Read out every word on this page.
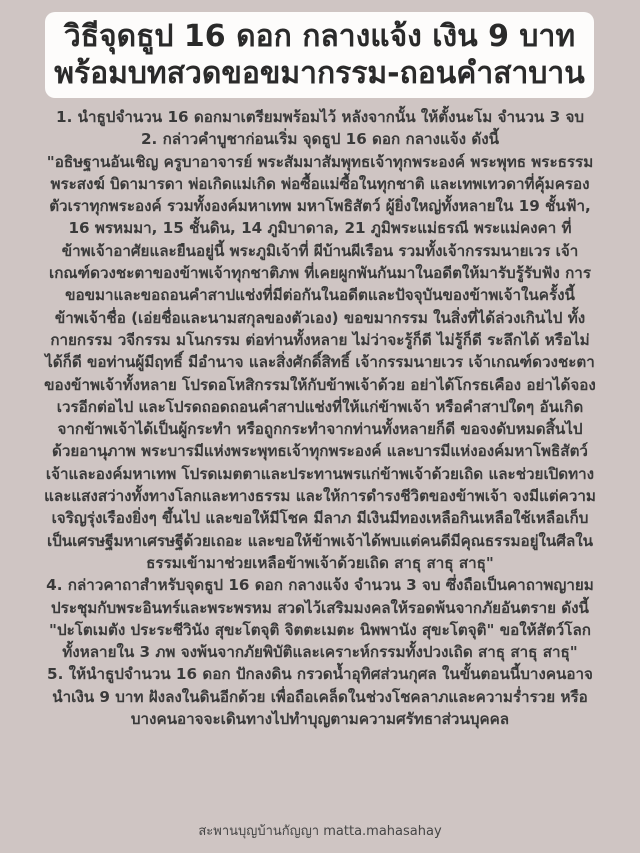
วิธีจุดธูป 16 ดอก กลางแจ้ง เงิน 9 บาท
พร้อมบทสวดขอขมากรรม-ถอนคำสาบาน

1. นำธูปจำนวน 16 ดอกมาเตรียมพร้อมไว้ หลังจากนั้น ให้ตั้งนะโม จำนวน 3 จบ

2. กล่าวคำบูชาก่อนเริ่ม จุดธูป 16 ดอก กลางแจ้ง ดังนี้

"อธิษฐานอันเชิญ ครูบาอาจารย์ พระสัมมาสัมพุทธเจ้าทุกพระองค์ พระพุทธ พระธรรม พระสงฆ์ บิดามารดา พ่อเกิดแม่เกิด พ่อซื้อแม่ซื้อในทุกชาติ และเทพเทวดาที่คุ้มครองตัวเราทุกพระองค์ รวมทั้งองค์มหาเทพ มหาโพธิสัตว์ ผู้ยิ่งใหญ่ทั้งหลายใน 19 ชั้นฟ้า, 16 พรหมมา, 15 ชั้นดิน, 14 ภูมิบาดาล, 21 ภูมิพระแม่ธรณี พระแม่คงคา ที่ข้าพเจ้าอาศัยและยืนอยู่นี้ พระภูมิเจ้าที่ ผีบ้านผีเรือน รวมทั้งเจ้ากรรมนายเวร เจ้าเกณฑ์ดวงชะตาของข้าพเจ้าทุกชาติภพ ที่เคยผูกพันกันมาในอดีตให้มารับรู้รับฟัง การขอขมาและขอถอนคำสาปแช่งที่มีต่อกันในอดีตและปัจจุบันของข้าพเจ้าในครั้งนี้

ข้าพเจ้าชื่อ (เอ่ยชื่อและนามสกุลของตัวเอง) ขอขมากรรม ในสิ่งที่ได้ล่วงเกินไป ทั้งกายกรรม วจีกรรม มโนกรรม ต่อท่านทั้งหลาย ไม่ว่าจะรู้ก็ดี ไม่รู้ก็ดี ระลึกได้ หรือไม่ได้ก็ดี ขอท่านผู้มีฤทธิ์ มีอำนาจ และสิ่งศักดิ์สิทธิ์ เจ้ากรรมนายเวร เจ้าเกณฑ์ดวงชะตาของข้าพเจ้าทั้งหลาย โปรดอโหสิกรรมให้กับข้าพเจ้าด้วย อย่าได้โกรธเคือง อย่าได้จองเวรอีกต่อไป และโปรดถอดถอนคำสาปแช่งที่ให้แก่ข้าพเจ้า หรือคำสาปใดๆ อันเกิดจากข้าพเจ้าได้เป็นผู้กระทำ หรือถูกกระทำจากท่านทั้งหลายก็ดี ขอจงดับหมดสิ้นไป

ด้วยอานุภาพ พระบารมีแห่งพระพุทธเจ้าทุกพระองค์ และบารมีแห่งองค์มหาโพธิสัตว์เจ้าและองค์มหาเทพ โปรดเมตตาและประทานพรแก่ข้าพเจ้าด้วยเถิด และช่วยเปิดทางและแสงสว่างทั้งทางโลกและทางธรรม และให้การดำรงชีวิตของข้าพเจ้า จงมีแต่ความเจริญรุ่งเรืองยิ่งๆ ขึ้นไป และขอให้มีโชค มีลาภ มีเงินมีทองเหลือกินเหลือใช้เหลือเก็บ เป็นเศรษฐีมหาเศรษฐีด้วยเถอะ และขอให้ข้าพเจ้าได้พบแต่คนดีมีคุณธรรมอยู่ในศีลในธรรมเข้ามาช่วยเหลือข้าพเจ้าด้วยเถิด สาธุ สาธุ สาธุ"

4. กล่าวคาถาสำหรับจุดธูป 16 ดอก กลางแจ้ง จำนวน 3 จบ ซึ่งถือเป็นคาถาพญายมประชุมกับพระอินทร์และพระพรหม สวดไว้เสริมมงคลให้รอดพ้นจากภัยอันตราย ดังนี้

"ปะโตเมตัง ประระชีวินัง สุขะโตจุติ จิตตะเมตะ นิพพานัง สุขะโตจุติ" ขอให้สัตว์โลกทั้งหลายใน 3 ภพ จงพ้นจากภัยพิบัติและเคราะห์กรรมทั้งปวงเถิด สาธุ สาธุ สาธุ"

5. ให้นำธูปจำนวน 16 ดอก ปักลงดิน กรวดน้ำอุทิศส่วนกุศล ในขั้นตอนนี้บางคนอาจนำเงิน 9 บาท ฝังลงในดินอีกด้วย เพื่อถือเคล็ดในช่วงโชคลาภและความร่ำรวย หรือบางคนอาจจะเดินทางไปทำบุญตามความศรัทธาส่วนบุคคล

สะพานบุญบ้านกัญญา matta.mahasahay
